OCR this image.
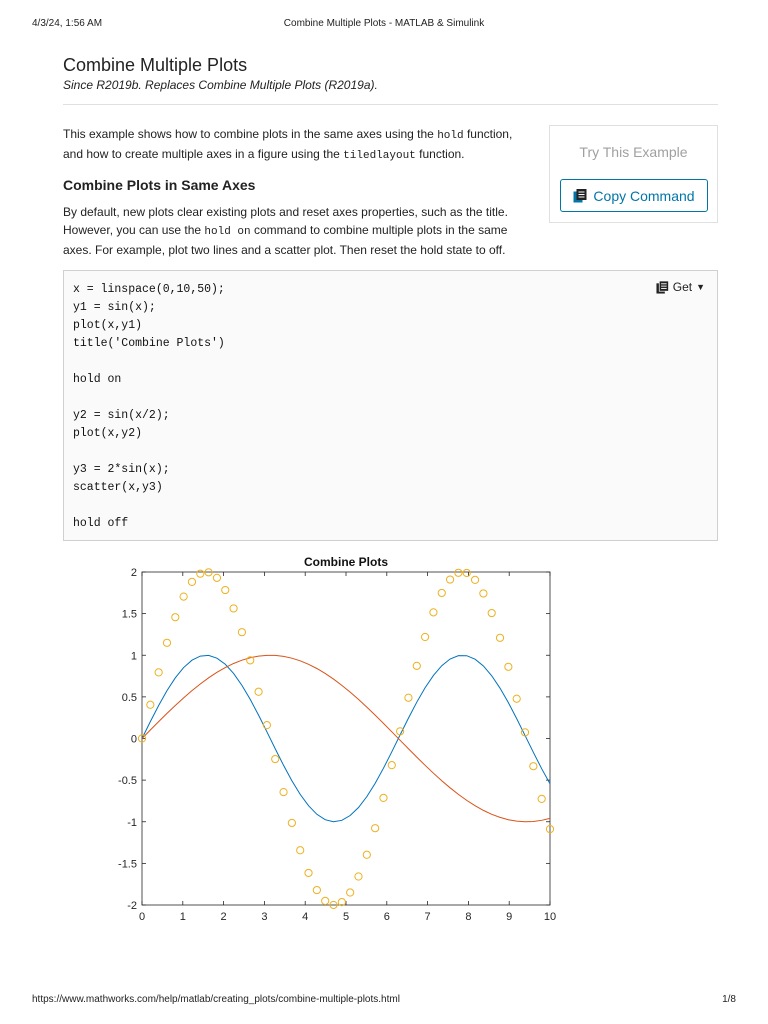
4/3/24, 1:56 AM	Combine Multiple Plots - MATLAB & Simulink
Combine Multiple Plots
Since R2019b. Replaces Combine Multiple Plots (R2019a).

This example shows how to combine plots in the same axes using the hold function, and how to create multiple axes in a figure using the tiledlayout function.	Try This Example
Copy Command
Combine Plots in Same Axes

By default, new plots clear existing plots and reset axes properties, such as the title. However, you can use the hold on command to combine multiple plots in the same axes. For example, plot two lines and a scatter plot. Then reset the hold state to off.

x = linspace(0,10,50);
y1 = sin(x);
plot(x,y1)
title('Combine Plots')
hold on
y2 = sin(x/2);
plot(x,y2)
y3 = 2*sin(x);
scatter(x,y3)
hold off
Get ▼
Combine Plots
0	1	2	3	4	5	6	7	8	9	10
2
1.5
1
0.5
0
-0.5
-1
-1.5
-2
https://www.mathworks.com/help/matlab/creating_plots/combine-multiple-plots.html	1/8
